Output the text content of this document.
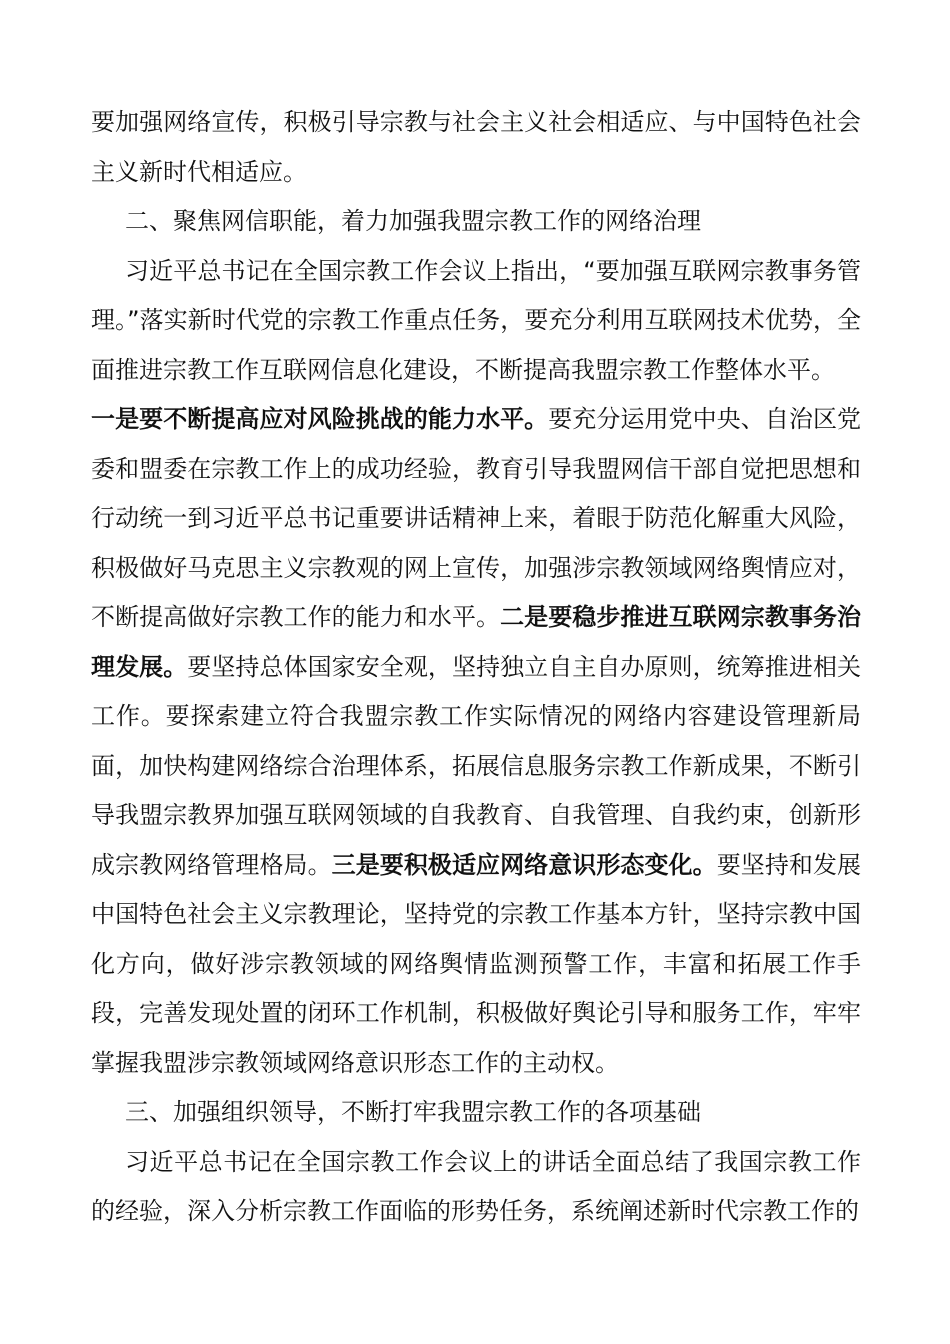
要加强网络宣传，积极引导宗教与社会主义社会相适应、与中国特色社会主义新时代相适应。

二、聚焦网信职能，着力加强我盟宗教工作的网络治理

习近平总书记在全国宗教工作会议上指出，“要加强互联网宗教事务管理。”落实新时代党的宗教工作重点任务，要充分利用互联网技术优势，全面推进宗教工作互联网信息化建设，不断提高我盟宗教工作整体水平。

一是要不断提高应对风险挑战的能力水平。要充分运用党中央、自治区党委和盟委在宗教工作上的成功经验，教育引导我盟网信干部自觉把思想和行动统一到习近平总书记重要讲话精神上来，着眼于防范化解重大风险，积极做好马克思主义宗教观的网上宣传，加强涉宗教领域网络舆情应对，不断提高做好宗教工作的能力和水平。二是要稳步推进互联网宗教事务治理发展。要坚持总体国家安全观，坚持独立自主自办原则，统筹推进相关工作。要探索建立符合我盟宗教工作实际情况的网络内容建设管理新局面，加快构建网络综合治理体系，拓展信息服务宗教工作新成果，不断引导我盟宗教界加强互联网领域的自我教育、自我管理、自我约束，创新形成宗教网络管理格局。三是要积极适应网络意识形态变化。要坚持和发展中国特色社会主义宗教理论，坚持党的宗教工作基本方针，坚持宗教中国化方向，做好涉宗教领域的网络舆情监测预警工作，丰富和拓展工作手段，完善发现处置的闭环工作机制，积极做好舆论引导和服务工作，牢牢掌握我盟涉宗教领域网络意识形态工作的主动权。

三、加强组织领导，不断打牢我盟宗教工作的各项基础

习近平总书记在全国宗教工作会议上的讲话全面总结了我国宗教工作的经验，深入分析宗教工作面临的形势任务，系统阐述新时代宗教工作的
